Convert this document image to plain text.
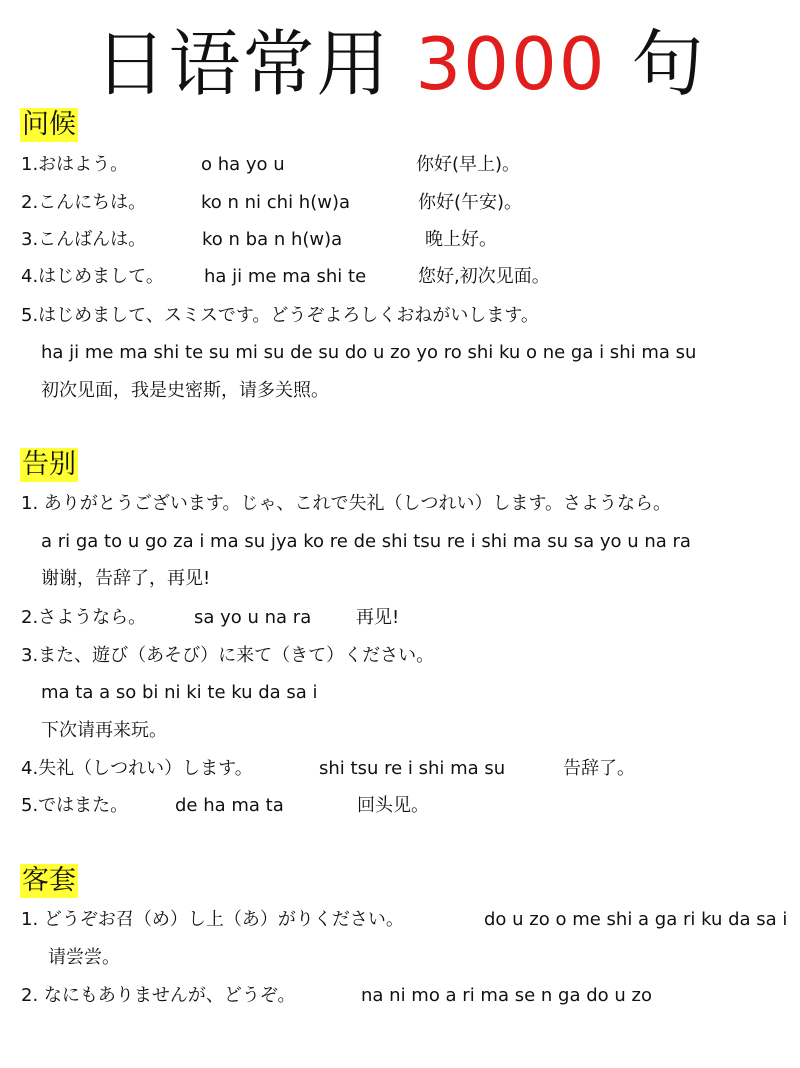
日语常用 3000 句
问候
1.おはよう。	o ha yo u	你好(早上)。
2.こんにちは。	ko n ni chi h(w)a	你好(午安)。
3.こんばんは。	ko n ba n h(w)a	晚上好。
4.はじめまして。 ha ji me ma shi te	您好,初次见面。
5.はじめまして、スミスです。どうぞよろしくおねがいします。
ha ji me ma shi te su mi su de su do u zo yo ro shi ku o ne ga i shi ma su
初次见面，我是史密斯，请多关照。
告别
1. ありがとうございます。じゃ、これで失礼（しつれい）します。さようなら。
a ri ga to u go za i ma su jya ko re de shi tsu re i shi ma su sa yo u na ra
谢谢，告辞了，再见!
2.さようなら。	sa yo u na ra 再见!
3.また、遊び（あそび）に来て（きて）ください。
ma ta a so bi ni ki te ku da sa i
下次请再来玩。
4.失礼（しつれい）します。	shi tsu re i shi ma su	告辞了。
5.ではまた。	de ha ma ta	回头见。
客套
1. どうぞお召（め）し上（あ）がりください。	do u zo o me shi a ga ri ku da sa i
请尝尝。
2. なにもありませんが、どうぞ。	na ni mo a ri ma se n ga do u zo
